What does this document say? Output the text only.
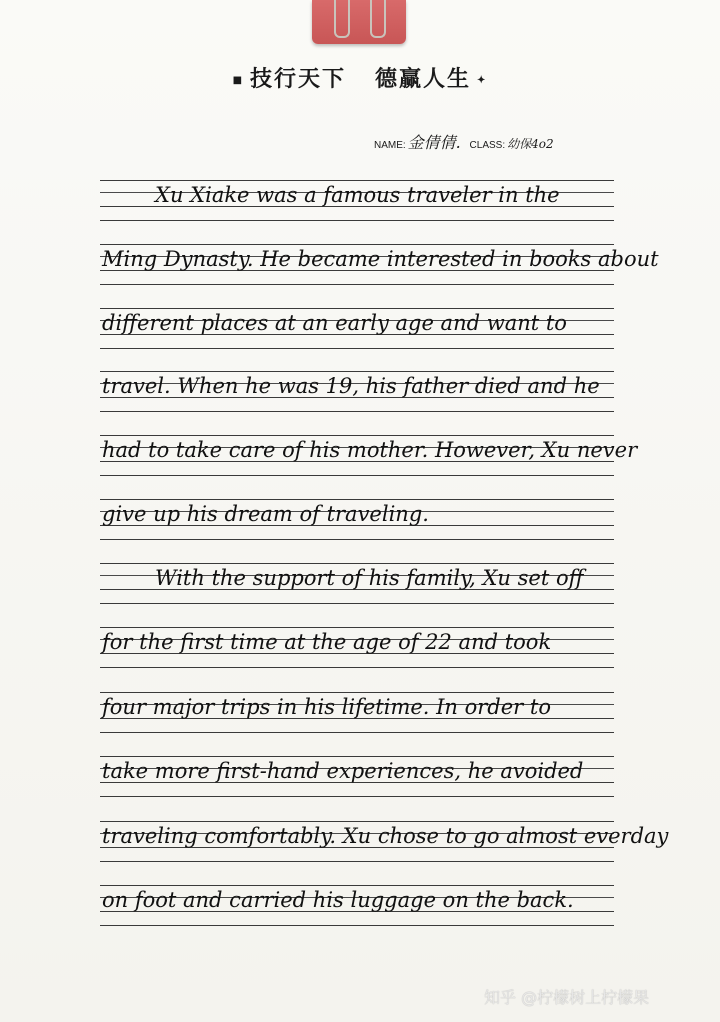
■ 技行天下 德赢人生 ✦
NAME: 金倩倩. CLASS: 幼保4o2
Xu Xiake was a famous traveler in the
Ming Dynasty. He became interested in books about
different places at an early age and want to
travel. When he was 19, his father died and he
had to take care of his mother. However, Xu never
give up his dream of traveling.
With the support of his family, Xu set off
for the first time at the age of 22 and took
four major trips in his lifetime. In order to
take more first-hand experiences, he avoided
traveling comfortably. Xu chose to go almost everday
on foot and carried his luggage on the back.
知乎 @柠檬树上柠檬果
